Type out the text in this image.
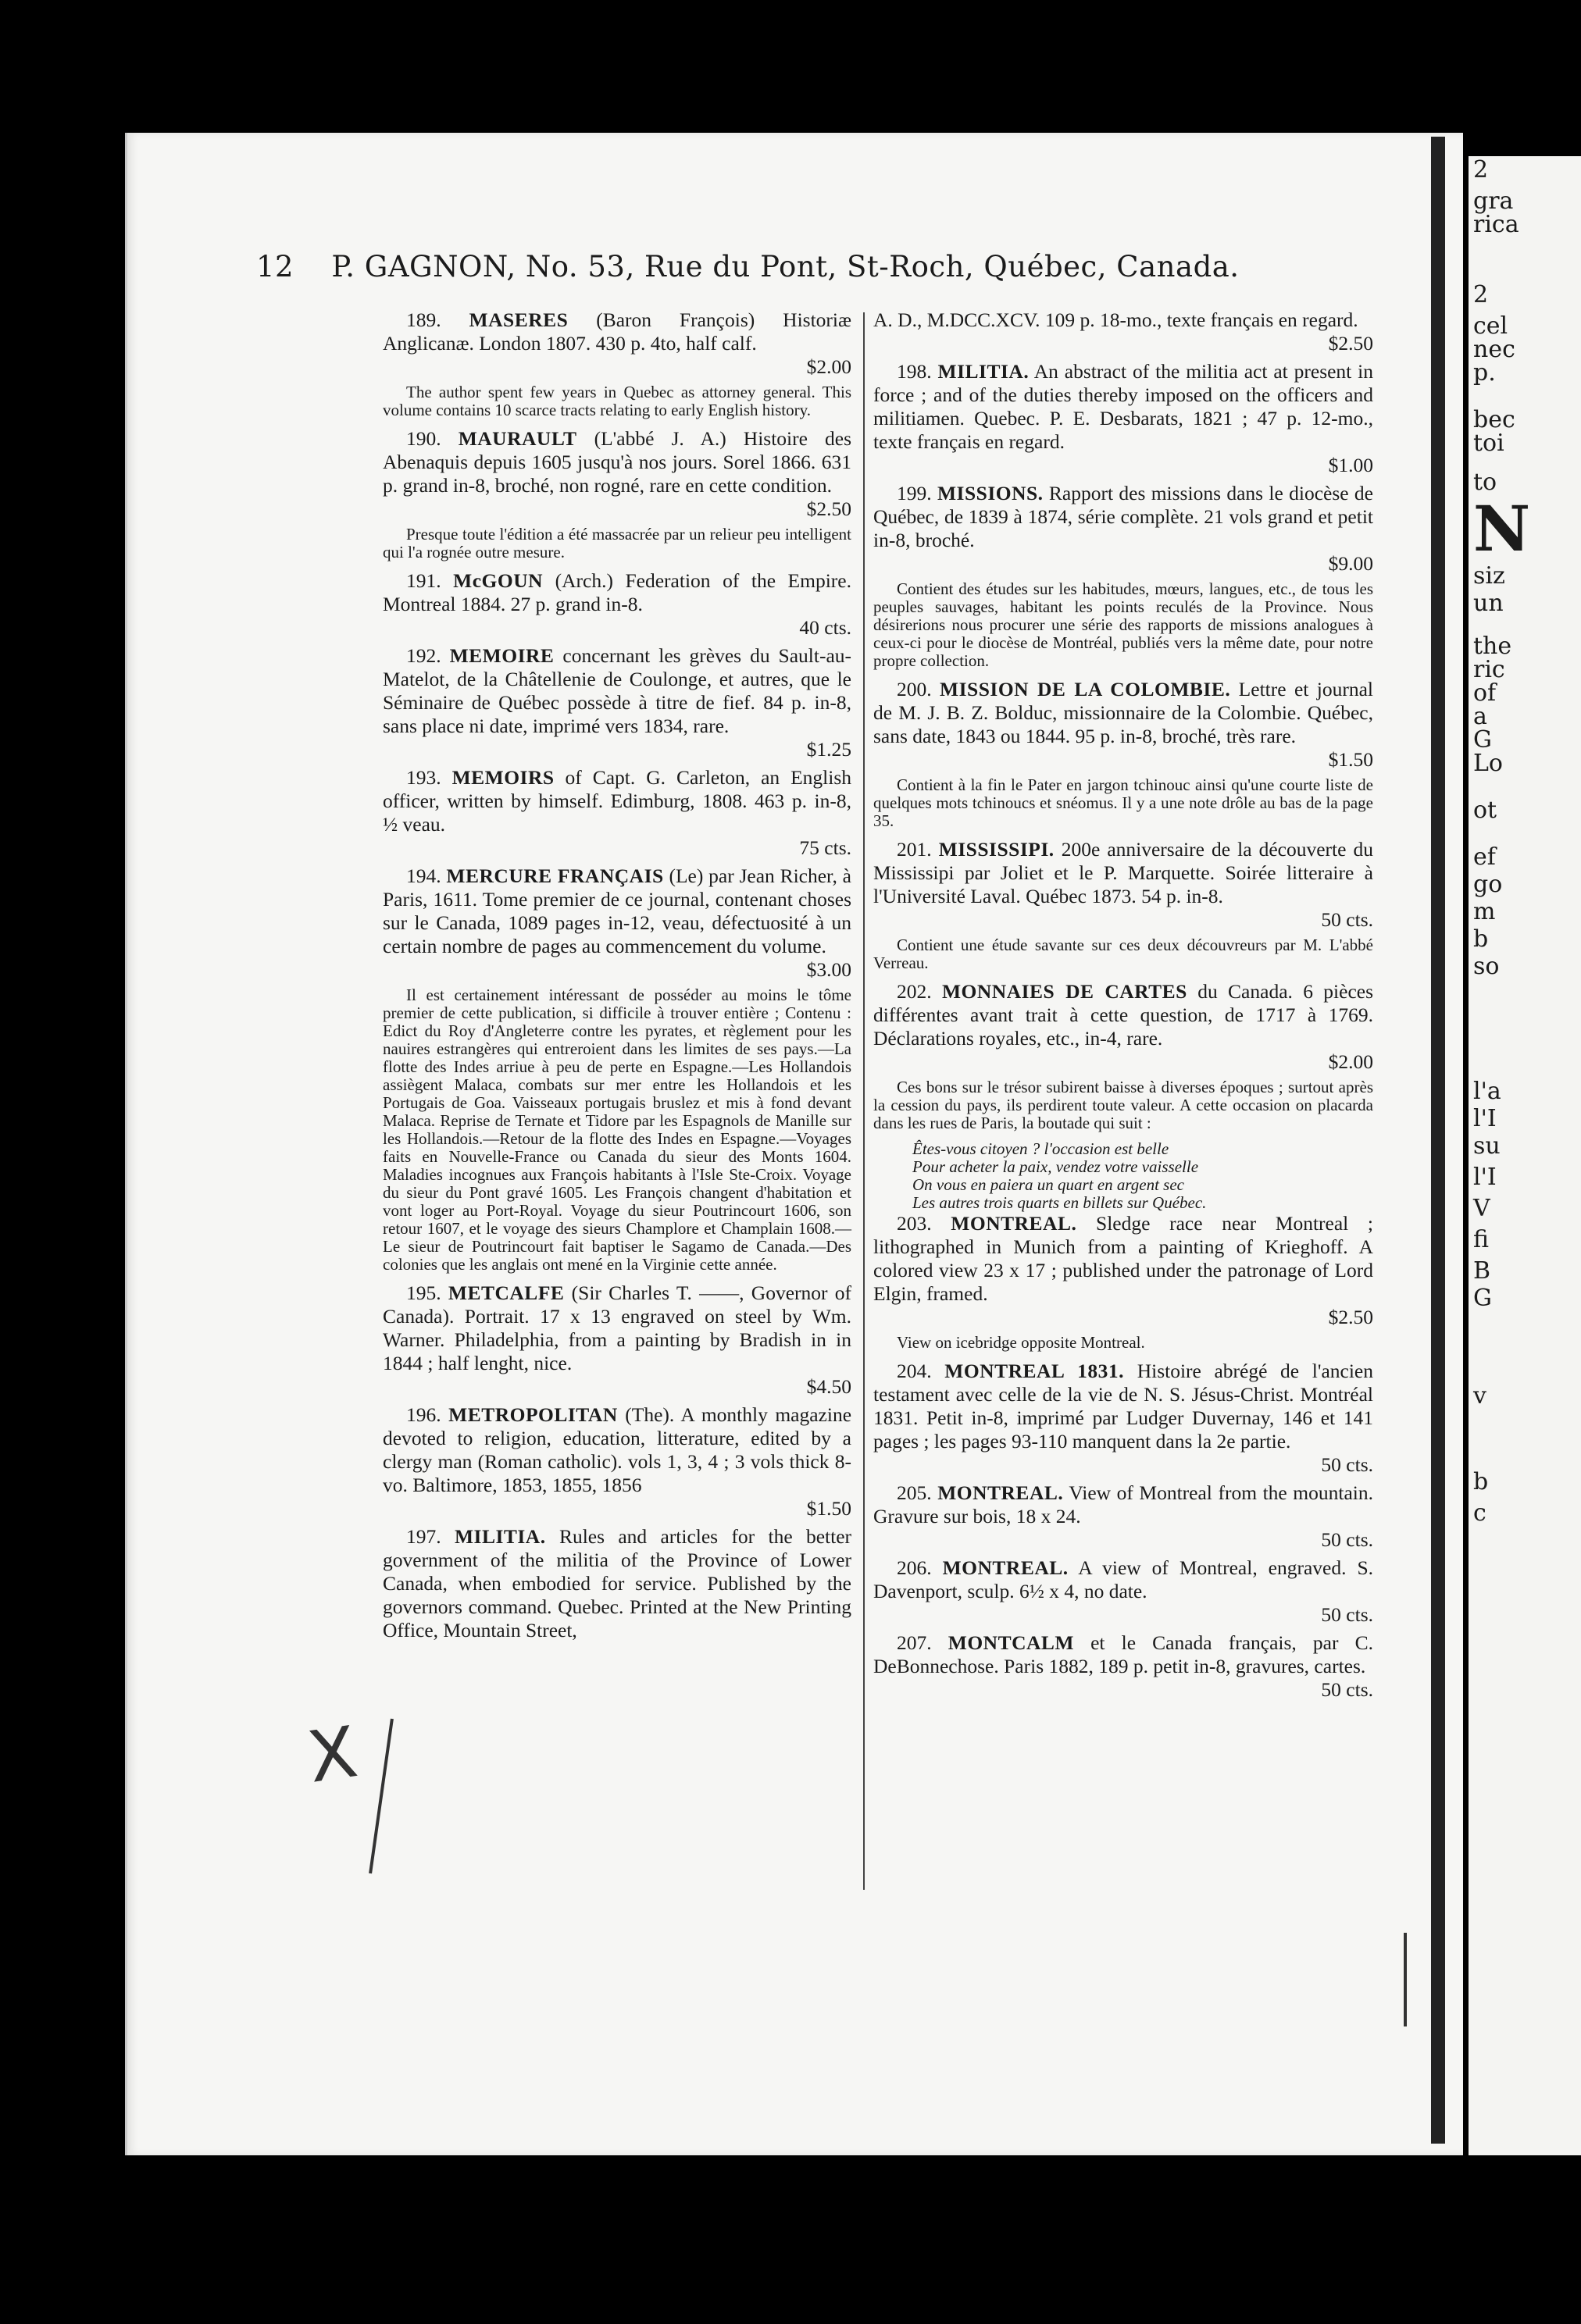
2
gra
rica
2
cel
nec
p.
bec
toi
to
N
siz
un
the
ric
of
a
G
Lo
ot
ef
go
m
b
so
l'a
l'I
su
l'I
V
fi
B
G
v
b
c
12 P. GAGNON, No. 53, Rue du Pont, St-Roch, Québec, Canada.
189. MASERES (Baron François) Historiæ Anglicanæ. London 1807. 430 p. 4to, half calf.
$2.00
The author spent few years in Quebec as attorney general. This volume contains 10 scarce tracts relating to early English history.
190. MAURAULT (L'abbé J. A.) Histoire des Abenaquis depuis 1605 jusqu'à nos jours. Sorel 1866. 631 p. grand in-8, broché, non rogné, rare en cette condition.
$2.50
Presque toute l'édition a été massacrée par un relieur peu intelligent qui l'a rognée outre mesure.
191. McGOUN (Arch.) Federation of the Empire. Montreal 1884. 27 p. grand in-8.
40 cts.
192. MEMOIRE concernant les grèves du Sault-au-Matelot, de la Châtellenie de Coulonge, et autres, que le Séminaire de Québec possède à titre de fief. 84 p. in-8, sans place ni date, imprimé vers 1834, rare.
$1.25
193. MEMOIRS of Capt. G. Carleton, an English officer, written by himself. Edimburg, 1808. 463 p. in-8, ½ veau.
75 cts.
194. MERCURE FRANÇAIS (Le) par Jean Richer, à Paris, 1611. Tome premier de ce journal, contenant choses sur le Canada, 1089 pages in-12, veau, défectuosité à un certain nombre de pages au commencement du volume.
$3.00
Il est certainement intéressant de posséder au moins le tôme premier de cette publication, si difficile à trouver entière ; Contenu : Edict du Roy d'Angleterre contre les pyrates, et règlement pour les nauires estrangères qui entreroient dans les limites de ses pays.—La flotte des Indes arriue à peu de perte en Espagne.—Les Hollandois assiègent Malaca, combats sur mer entre les Hollandois et les Portugais de Goa. Vaisseaux portugais bruslez et mis à fond devant Malaca. Reprise de Ternate et Tidore par les Espagnols de Manille sur les Hollandois.—Retour de la flotte des Indes en Espagne.—Voyages faits en Nouvelle-France ou Canada du sieur des Monts 1604. Maladies incognues aux François habitants à l'Isle Ste-Croix. Voyage du sieur du Pont gravé 1605. Les François changent d'habitation et vont loger au Port-Royal. Voyage du sieur Poutrincourt 1606, son retour 1607, et le voyage des sieurs Champlore et Champlain 1608.—Le sieur de Poutrincourt fait baptiser le Sagamo de Canada.—Des colonies que les anglais ont mené en la Virginie cette année.
195. METCALFE (Sir Charles T. ——, Governor of Canada). Portrait. 17 x 13 engraved on steel by Wm. Warner. Philadelphia, from a painting by Bradish in in 1844 ; half lenght, nice.
$4.50
196. METROPOLITAN (The). A monthly magazine devoted to religion, education, litterature, edited by a clergy man (Roman catholic). vols 1, 3, 4 ; 3 vols thick 8-vo. Baltimore, 1853, 1855, 1856
$1.50
197. MILITIA. Rules and articles for the better government of the militia of the Province of Lower Canada, when embodied for service. Published by the governors command. Quebec. Printed at the New Printing Office, Mountain Street,
A. D., M.DCC.XCV. 109 p. 18-mo., texte français en regard.
$2.50
198. MILITIA. An abstract of the militia act at present in force ; and of the duties thereby imposed on the officers and militiamen. Quebec. P. E. Desbarats, 1821 ; 47 p. 12-mo., texte français en regard.
$1.00
199. MISSIONS. Rapport des missions dans le diocèse de Québec, de 1839 à 1874, série complète. 21 vols grand et petit in-8, broché.
$9.00
Contient des études sur les habitudes, mœurs, langues, etc., de tous les peuples sauvages, habitant les points reculés de la Province. Nous désirerions nous procurer une série des rapports de missions analogues à ceux-ci pour le diocèse de Montréal, publiés vers la même date, pour notre propre collection.
200. MISSION DE LA COLOMBIE. Lettre et journal de M. J. B. Z. Bolduc, missionnaire de la Colombie. Québec, sans date, 1843 ou 1844. 95 p. in-8, broché, très rare.
$1.50
Contient à la fin le Pater en jargon tchinouc ainsi qu'une courte liste de quelques mots tchinoucs et snéomus. Il y a une note drôle au bas de la page 35.
201. MISSISSIPI. 200e anniversaire de la découverte du Mississipi par Joliet et le P. Marquette. Soirée litteraire à l'Université Laval. Québec 1873. 54 p. in-8.
50 cts.
Contient une étude savante sur ces deux découvreurs par M. L'abbé Verreau.
202. MONNAIES DE CARTES du Canada. 6 pièces différentes avant trait à cette question, de 1717 à 1769. Déclarations royales, etc., in-4, rare.
$2.00
Ces bons sur le trésor subirent baisse à diverses époques ; surtout après la cession du pays, ils perdirent toute valeur. A cette occasion on placarda dans les rues de Paris, la boutade qui suit :
Êtes-vous citoyen ? l'occasion est belle
Pour acheter la paix, vendez votre vaisselle
On vous en paiera un quart en argent sec
Les autres trois quarts en billets sur Québec.
203. MONTREAL. Sledge race near Montreal ; lithographed in Munich from a painting of Krieghoff. A colored view 23 x 17 ; published under the patronage of Lord Elgin, framed.
$2.50
View on icebridge opposite Montreal.
204. MONTREAL 1831. Histoire abrégé de l'ancien testament avec celle de la vie de N. S. Jésus-Christ. Montréal 1831. Petit in-8, imprimé par Ludger Duvernay, 146 et 141 pages ; les pages 93-110 manquent dans la 2e partie.
50 cts.
205. MONTREAL. View of Montreal from the mountain. Gravure sur bois, 18 x 24.
50 cts.
206. MONTREAL. A view of Montreal, engraved. S. Davenport, sculp. 6½ x 4, no date.
50 cts.
207. MONTCALM et le Canada français, par C. DeBonnechose. Paris 1882, 189 p. petit in-8, gravures, cartes.
50 cts.
X
